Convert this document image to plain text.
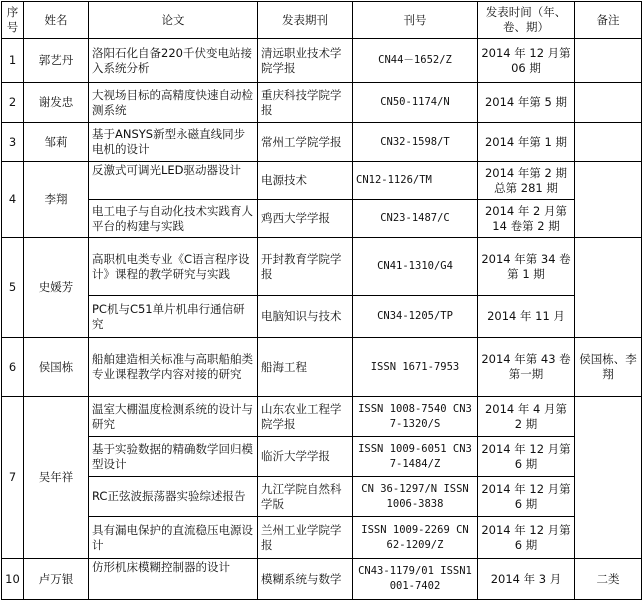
序号	姓名	论文	发表期刊	刊号	发表时间（年、卷、期）	备注
1	郭艺丹	洛阳石化自备220千伏变电站接入系统分析	清远职业技术学院学报	CN44－1652/Z	2014 年 12 月第　06 期	
2	谢发忠	大视场目标的高精度快速自动检测系统	重庆科技学院学报	CN50-1174/N	2014 年第 5 期	
3	邹莉	基于ANSYS新型永磁直线同步电机的设计	常州工学院学报	CN32-1598/T	2014 年第 1 期	
4	李翔	反激式可调光LED驱动器设计	电源技术	CN12-1126/TM	2014 年第 2 期总第 281 期	
		电工电子与自动化技术实践育人平台的构建与实践	鸡西大学学报	CN23-1487/C	2014 年 2 月第 14 卷第 2 期	
5	史媛芳	高职机电类专业《C语言程序设计》课程的教学研究与实践	开封教育学院学报	CN41-1310/G4	2014 年第 34 卷第 1 期	
		PC机与C51单片机串行通信研究	电脑知识与技术	CN34-1205/TP	2014 年 11 月	
6	侯国栋	船舶建造相关标准与高职船舶类专业课程教学内容对接的研究	船海工程	ISSN 1671-7953	2014 年第 43 卷第一期	侯国栋、李翔
7	吴年祥	温室大棚温度检测系统的设计与研究	山东农业工程学院学报	ISSN 1008-7540 CN37-1320/S	2014 年 4 月第 2 期	
		基于实验数据的精确数学回归模型设计	临沂大学学报	ISSN 1009-6051 CN37-1484/Z	2014 年 12 月第 6 期	
		RC正弦波振荡器实验综述报告	九江学院自然科学版	CN 36-1297/N ISSN 1006-3838	2014 年 12 月第 6 期	
		具有漏电保护的直流稳压电源设计	兰州工业学院学报	ISSN 1009-2269 CN 62-1209/Z	2014 年 12 月第 6 期	
10	卢万银	仿形机床模糊控制器的设计	模糊系统与数学	CN43-1179/01 ISSN1001-7402	2014 年 3 月	二类
